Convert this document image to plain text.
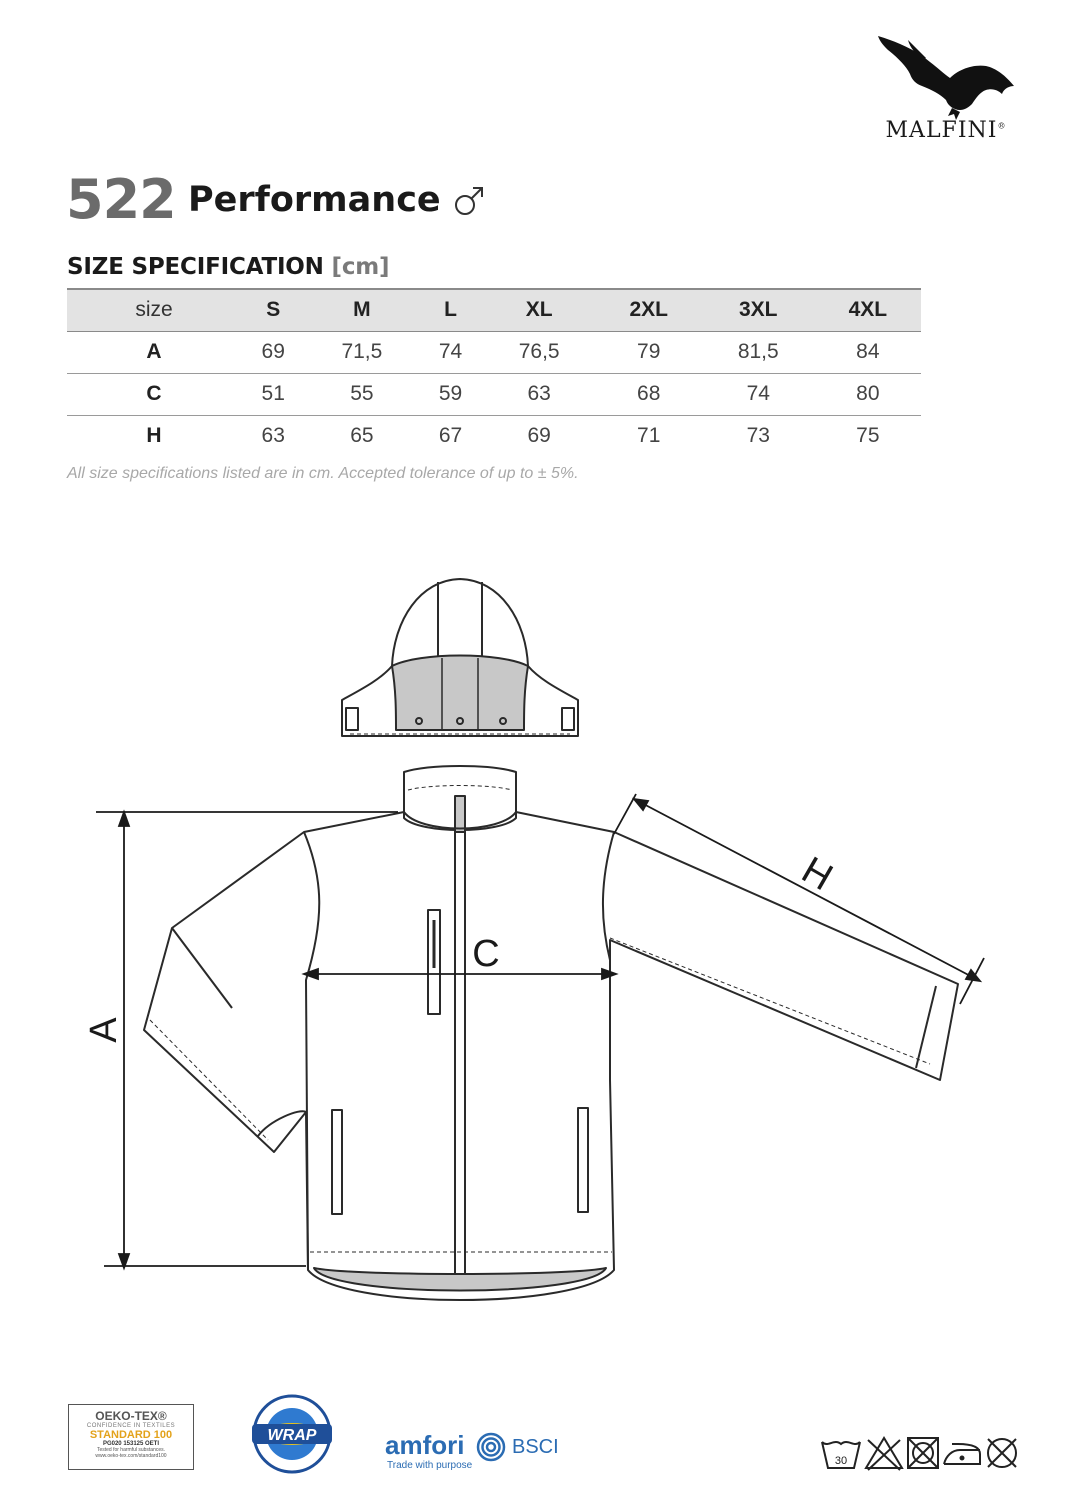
MALFINI®
522 Performance
SIZE SPECIFICATION [cm]
size	S	M	L	XL	2XL	3XL	4XL
A	69	71,5	74	76,5	79	81,5	84
C	51	55	59	63	68	74	80
H	63	65	67	69	71	73	75
All size specifications listed are in cm. Accepted tolerance of up to ± 5%.
A
C
H
OEKO-TEX®
CONFIDENCE IN TEXTILES
STANDARD 100
PG020 153125 OETI
Tested for harmful substances.
www.oeko-tex.com/standard100
WRAP	amfori
Trade with purpose
BSCI
30
